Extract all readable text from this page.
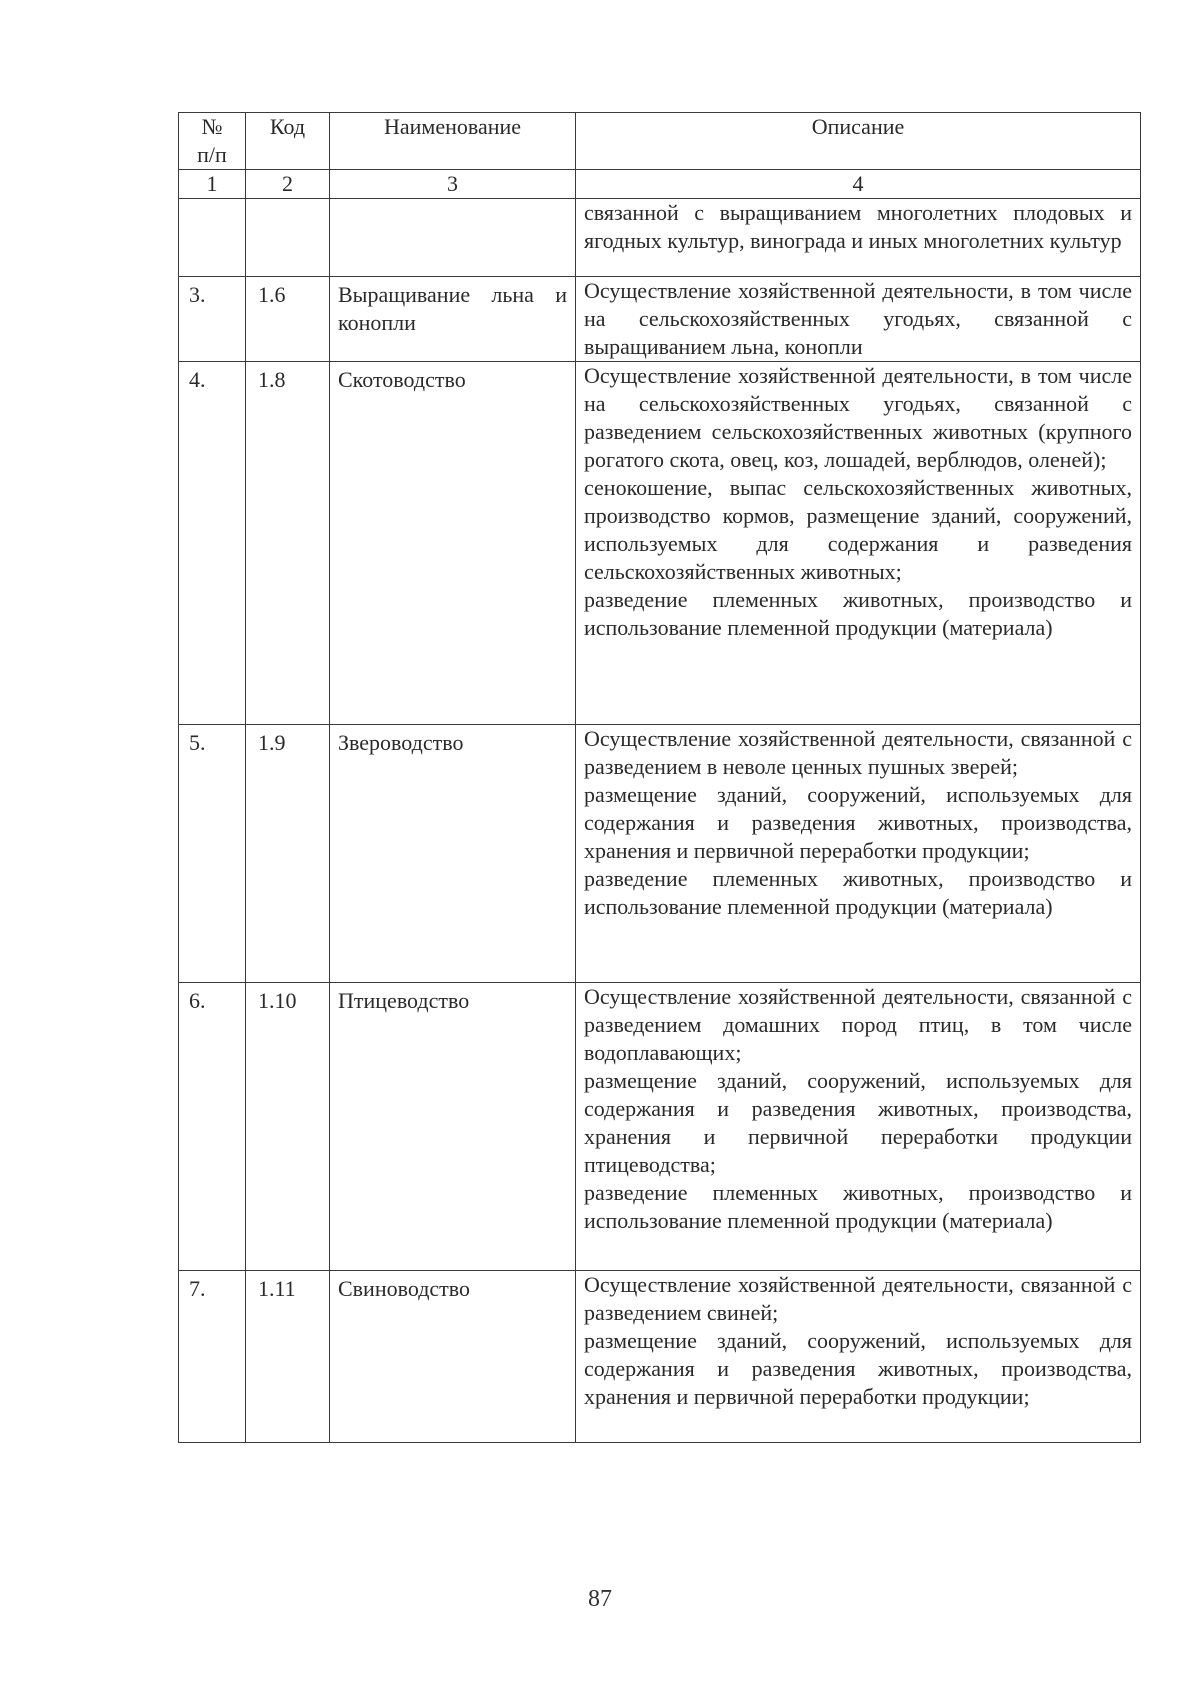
№
п/п	Код	Наименование	Описание
1	2	3	4

			связанной с выращиванием многолетних плодовых и ягодных культур, винограда и иных многолетних культур

3.	1.6	Выращивание льна и конопли	Осуществление хозяйственной деятельности, в том числе на сельскохозяйственных угодьях, связанной с выращиванием льна, конопли

4.	1.8	Скотоводство	Осуществление хозяйственной деятельности, в том числе на сельскохозяйственных угодьях, связанной с разведением сельскохозяйственных животных (крупного рогатого скота, овец, коз, лошадей, верблюдов, оленей);
сенокошение, выпас сельскохозяйственных животных, производство кормов, размещение зданий, сооружений, используемых для содержания и разведения сельскохозяйственных животных;
разведение племенных животных, производство и использование племенной продукции (материала)

5.	1.9	Звероводство	Осуществление хозяйственной деятельности, связанной с разведением в неволе ценных пушных зверей;
размещение зданий, сооружений, используемых для содержания и разведения животных, производства, хранения и первичной переработки продукции;
разведение племенных животных, производство и использование племенной продукции (материала)

6.	1.10	Птицеводство	Осуществление хозяйственной деятельности, связанной с разведением домашних пород птиц, в том числе водоплавающих;
размещение зданий, сооружений, используемых для содержания и разведения животных, производства, хранения и первичной переработки продукции птицеводства;
разведение племенных животных, производство и использование племенной продукции (материала)

7.	1.11	Свиноводство	Осуществление хозяйственной деятельности, связанной с разведением свиней;
размещение зданий, сооружений, используемых для содержания и разведения животных, производства, хранения и первичной переработки продукции;
87
